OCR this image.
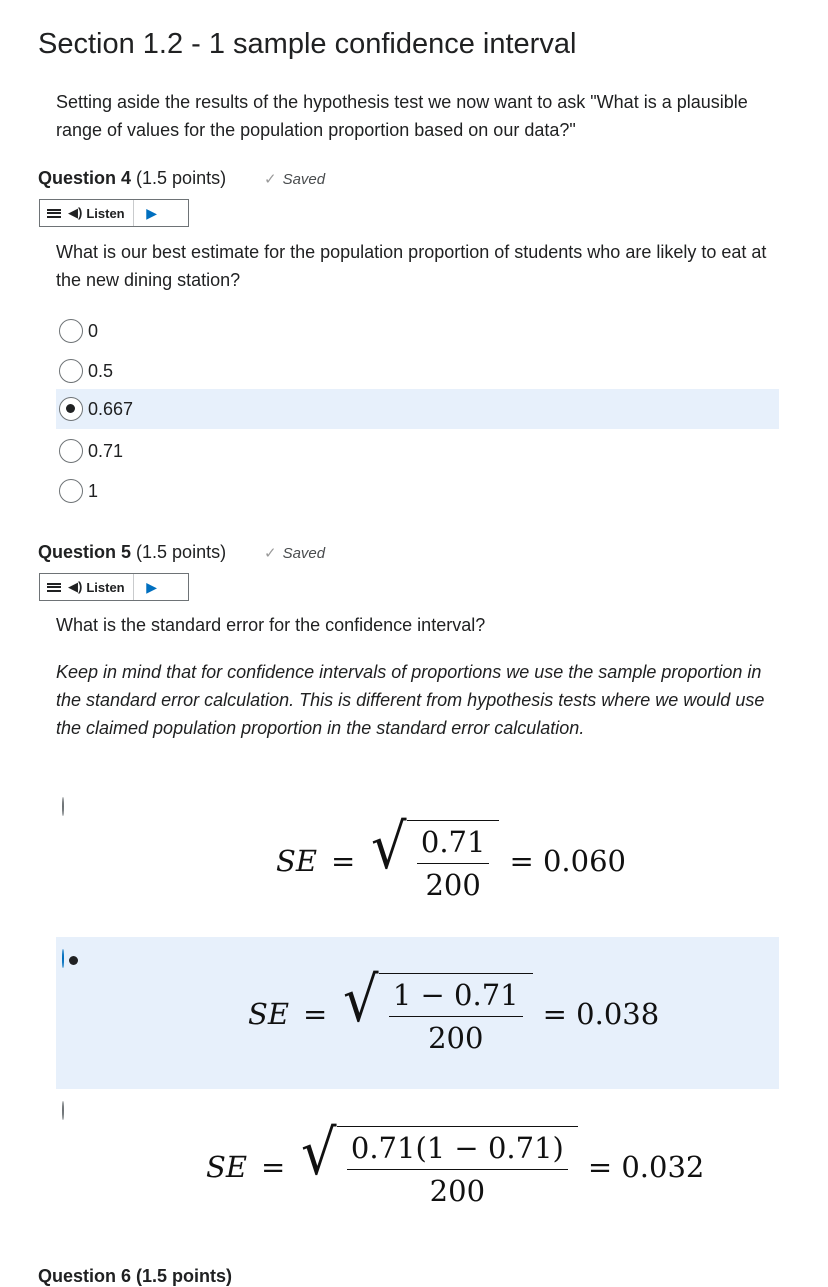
Section 1.2 - 1 sample confidence interval
Setting aside the results of the hypothesis test we now want to ask "What is a plausible range of values for the population proportion based on our data?"
Question 4 (1.5 points)	✓ Saved
◀) Listen	▶
What is our best estimate for the population proportion of students who are likely to eat at the new dining station?
0
0.5
0.667
0.71
1
Question 5 (1.5 points)	✓ Saved
◀) Listen	▶
What is the standard error for the confidence interval?
Keep in mind that for confidence intervals of proportions we use the sample proportion in the standard error calculation. This is different from hypothesis tests where we would use the claimed population proportion in the standard error calculation.
SE = √ $\frac{0.71}{200} = 0.060$
SE = √ $\frac{1 - 0.71}{200} = 0.038$
SE = √ $\frac{0.71(1 - 0.71)}{200} = 0.032$
Question 6 (1.5 points)
